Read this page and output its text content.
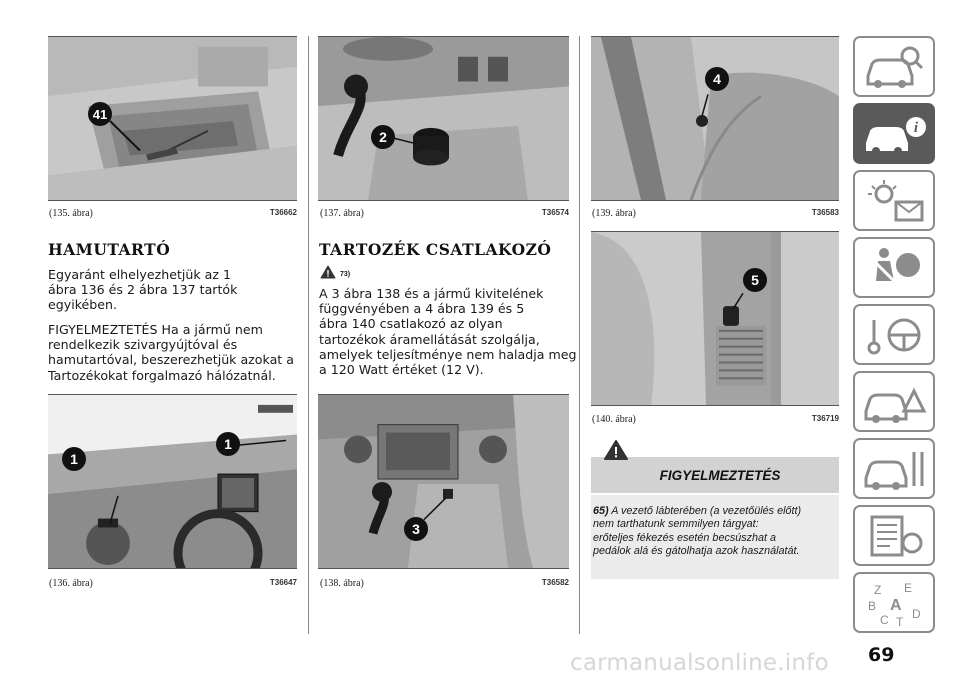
41
(135. ábra)	T36662
HAMUTARTÓ
Egyaránt elhelyezhetjük az 1
ábra 136 és 2 ábra 137 tartók
egyikében.
FIGYELMEZTETÉS Ha a jármű nem
rendelkezik szivargyújtóval és
hamutartóval, beszerezhetjük azokat a
Tartozékokat forgalmazó hálózatnál.
1
1
(136. ábra)	T36647
2
(137. ábra)	T36574
TARTOZÉK CSATLAKOZÓ
73)
A 3 ábra 138 és a jármű kivitelének
függvényében a 4 ábra 139 és 5
ábra 140 csatlakozó az olyan
tartozékok áramellátását szolgálja,
amelyek teljesítménye nem haladja meg
a 120 Watt értéket (12 V).
3
(138. ábra)	T36582
4
(139. ábra)	T36583
5
(140. ábra)	T36719
FIGYELMEZTETÉS
65) A vezető lábterében (a vezetőülés előtt)
nem tarthatunk semmilyen tárgyat:
erőteljes fékezés esetén becsúszhat a
pedálok alá és gátolhatja azok használatát.
i
Z E
B A
C T
D
carmanualsonline.info 69
